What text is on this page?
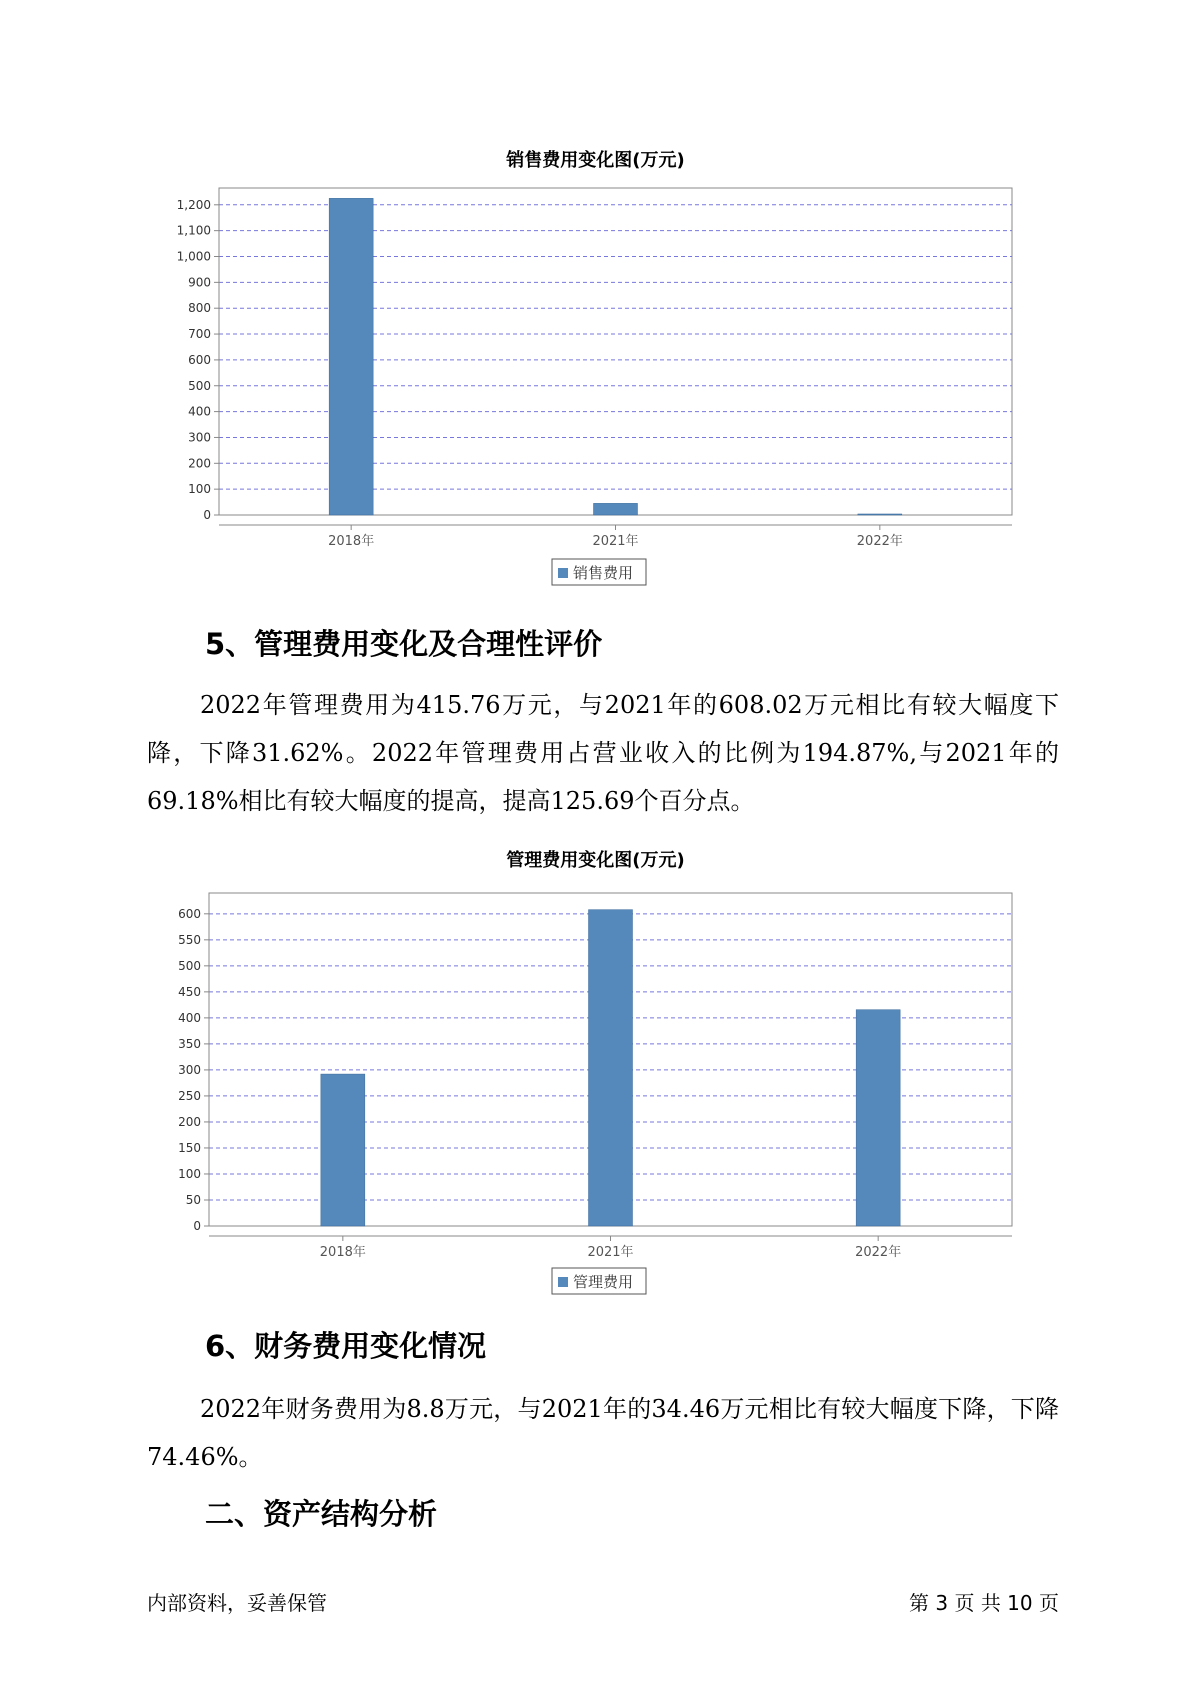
销售费用变化图(万元)
0
100
200
300
400
500
600
700
800
900
1,000
1,100
1,200
2018年	2021年	2022年
销售费用
5、管理费用变化及合理性评价

2022年管理费用为415.76万元，与2021年的608.02万元相比有较大幅度下降，下降31.62%。2022年管理费用占营业收入的比例为194.87%,与2021年的69.18%相比有较大幅度的提高，提高125.69个百分点。

管理费用变化图(万元)
0
50
100
150
200
250
300
350
400
450
500
550
600
2018年	2021年	2022年
管理费用
6、财务费用变化情况

2022年财务费用为8.8万元，与2021年的34.46万元相比有较大幅度下降，下降74.46%。

二、资产结构分析
内部资料，妥善保管	第 3 页 共 10 页
